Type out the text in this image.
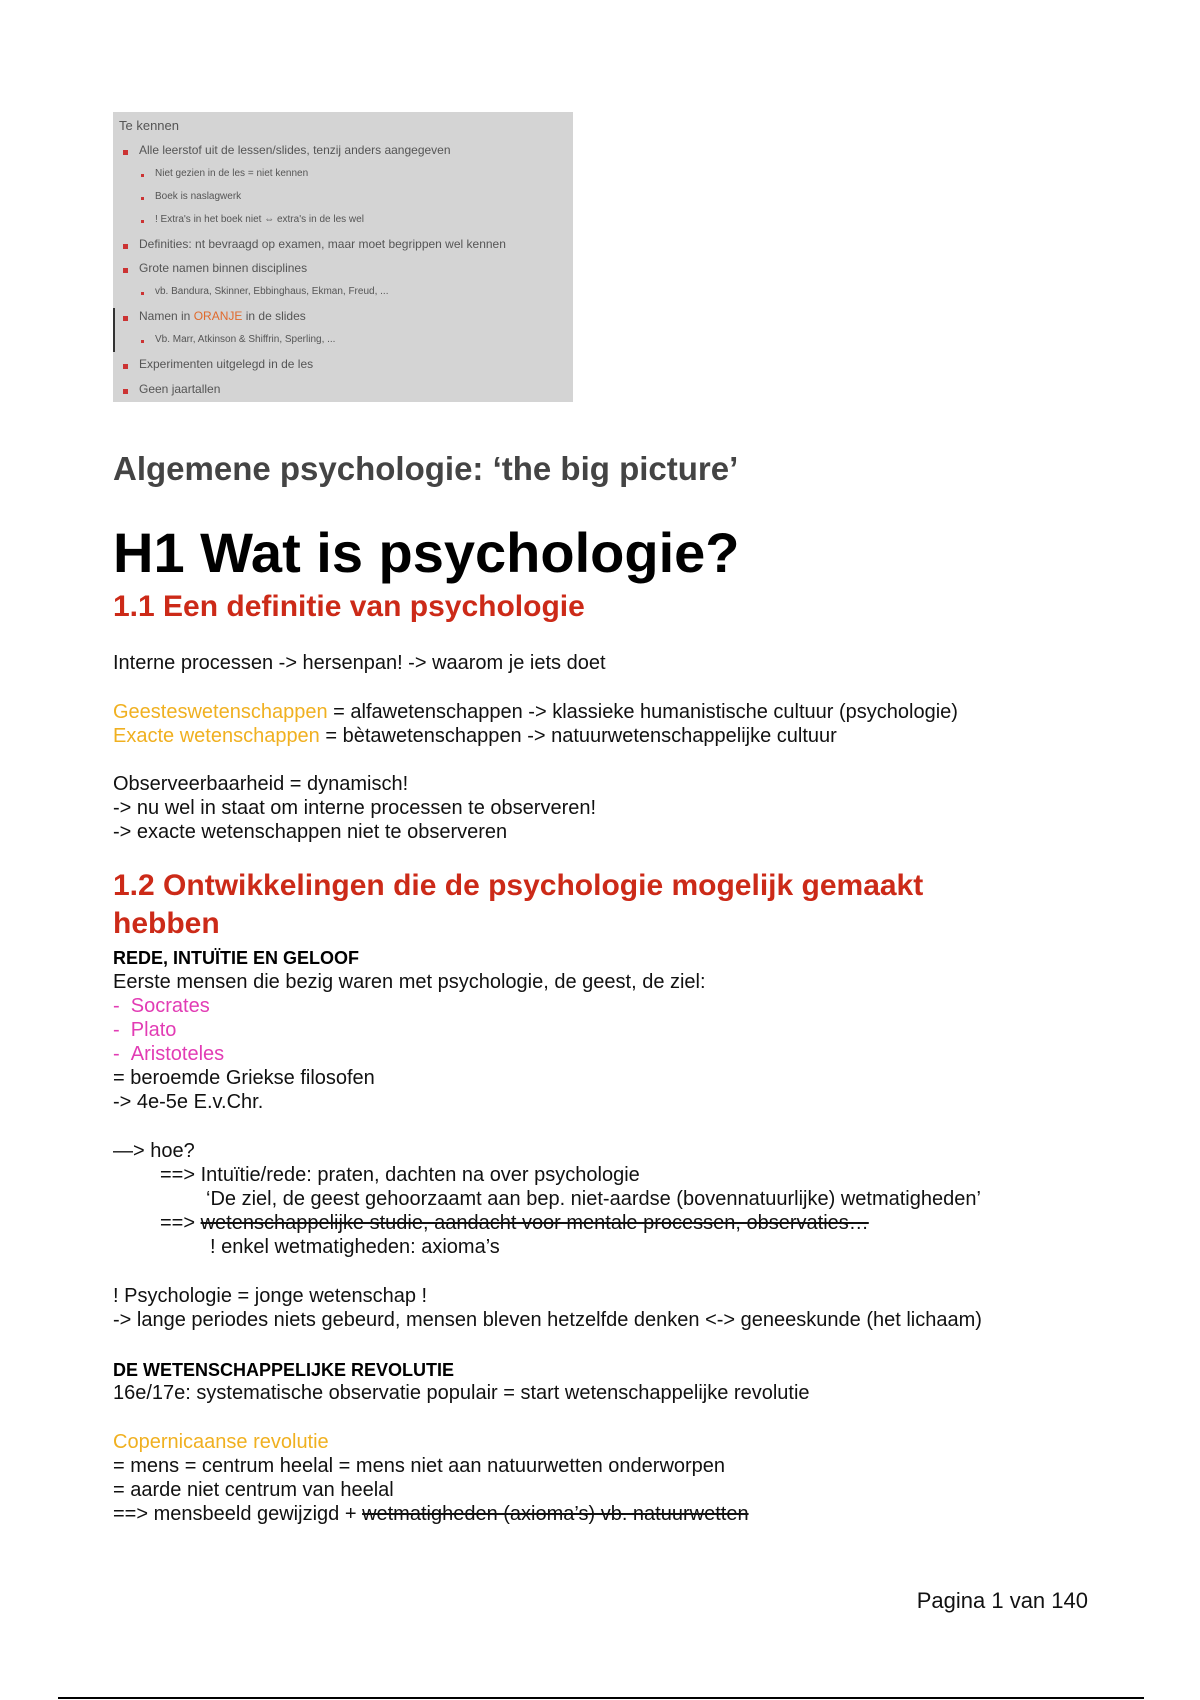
Te kennen
Alle leerstof uit de lessen/slides, tenzij anders aangegeven
Niet gezien in de les = niet kennen
Boek is naslagwerk
! Extra's in het boek niet ⇔ extra's in de les wel
Definities: nt bevraagd op examen, maar moet begrippen wel kennen
Grote namen binnen disciplines
vb. Bandura, Skinner, Ebbinghaus, Ekman, Freud, ...
Namen in ORANJE in de slides
Vb. Marr, Atkinson & Shiffrin, Sperling, ...
Experimenten uitgelegd in de les
Geen jaartallen
Algemene psychologie: ‘the big picture’
H1 Wat is psychologie?
1.1 Een definitie van psychologie
Interne processen -> hersenpan! -> waarom je iets doet
Geesteswetenschappen = alfawetenschappen -> klassieke humanistische cultuur (psychologie)
Exacte wetenschappen = bètawetenschappen -> natuurwetenschappelijke cultuur
Observeerbaarheid = dynamisch!
-> nu wel in staat om interne processen te observeren!
-> exacte wetenschappen niet te observeren
1.2 Ontwikkelingen die de psychologie mogelijk gemaakt
hebben
REDE, INTUÏTIE EN GELOOF
Eerste mensen die bezig waren met psychologie, de geest, de ziel:
-  Socrates
-  Plato
-  Aristoteles
= beroemde Griekse filosofen
-> 4e-5e E.v.Chr.
—> hoe?
==> Intuïtie/rede: praten, dachten na over psychologie
‘De ziel, de geest gehoorzaamt aan bep. niet-aardse (bovennatuurlijke) wetmatigheden’
==> wetenschappelijke studie, aandacht voor mentale processen, observaties…
! enkel wetmatigheden: axioma’s
! Psychologie = jonge wetenschap !
-> lange periodes niets gebeurd, mensen bleven hetzelfde denken <-> geneeskunde (het lichaam)
DE WETENSCHAPPELIJKE REVOLUTIE
16e/17e: systematische observatie populair = start wetenschappelijke revolutie
Copernicaanse revolutie
= mens = centrum heelal = mens niet aan natuurwetten onderworpen
= aarde niet centrum van heelal
==> mensbeeld gewijzigd + wetmatigheden (axioma’s) vb. natuurwetten
Pagina 1 van 140
